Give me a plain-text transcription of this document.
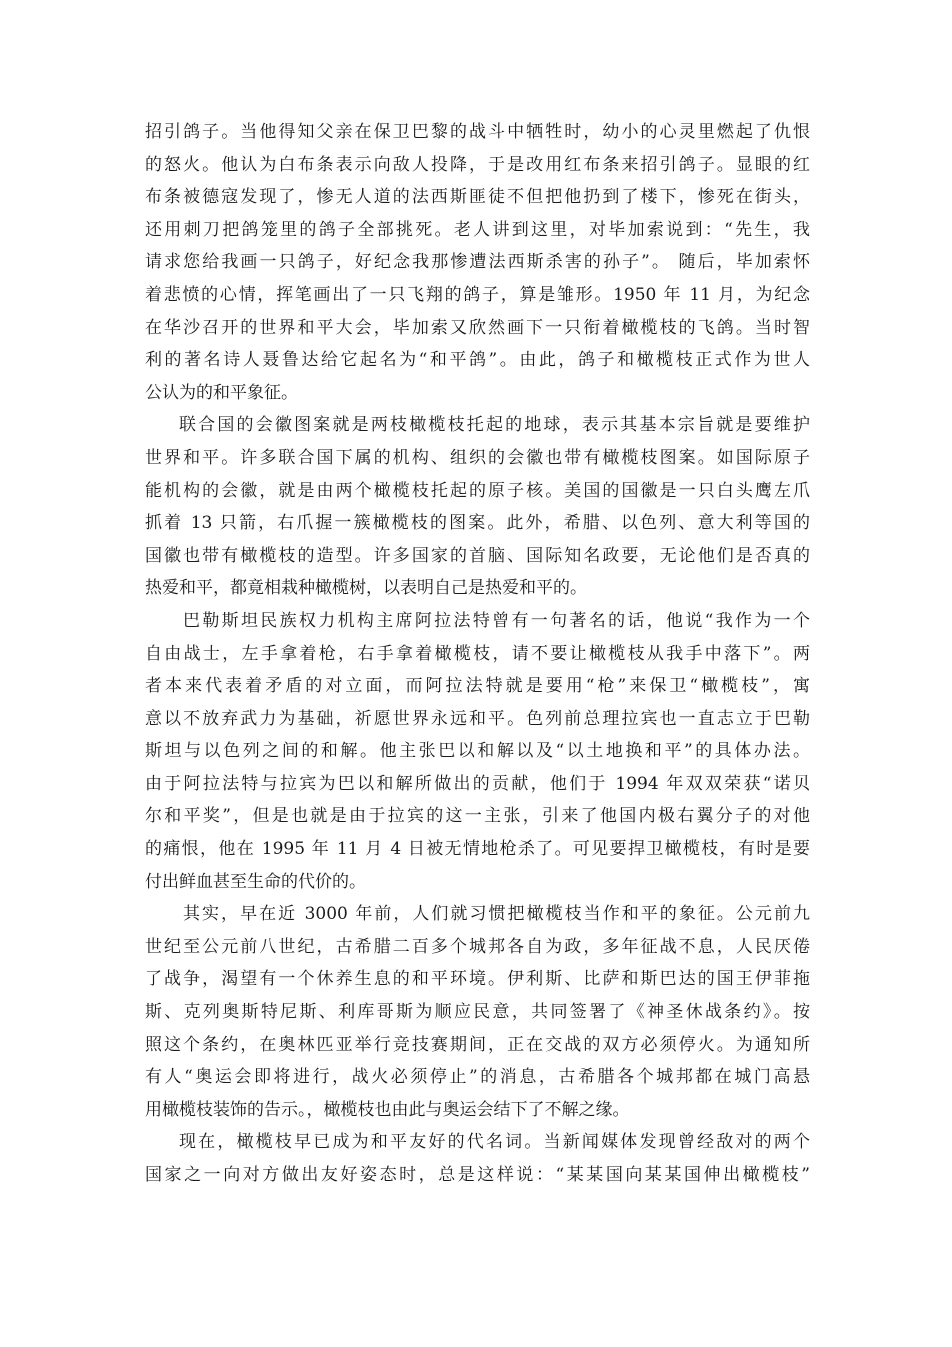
招引鸽子。当他得知父亲在保卫巴黎的战斗中牺牲时，幼小的心灵里燃起了仇恨
的怒火。他认为白布条表示向敌人投降，于是改用红布条来招引鸽子。显眼的红
布条被德寇发现了，惨无人道的法西斯匪徒不但把他扔到了楼下，惨死在街头，
还用刺刀把鸽笼里的鸽子全部挑死。老人讲到这里，对毕加索说到：“先生，我
请求您给我画一只鸽子，好纪念我那惨遭法西斯杀害的孙子”。 随后，毕加索怀
着悲愤的心情，挥笔画出了一只飞翔的鸽子，算是雏形。1950 年 11 月，为纪念
在华沙召开的世界和平大会，毕加索又欣然画下一只衔着橄榄枝的飞鸽。当时智
利的著名诗人聂鲁达给它起名为“和平鸽”。由此，鸽子和橄榄枝正式作为世人
公认为的和平象征。
联合国的会徽图案就是两枝橄榄枝托起的地球，表示其基本宗旨就是要维护
世界和平。许多联合国下属的机构、组织的会徽也带有橄榄枝图案。如国际原子
能机构的会徽，就是由两个橄榄枝托起的原子核。美国的国徽是一只白头鹰左爪
抓着 13 只箭，右爪握一簇橄榄枝的图案。此外，希腊、以色列、意大利等国的
国徽也带有橄榄枝的造型。许多国家的首脑、国际知名政要，无论他们是否真的
热爱和平，都竟相栽种橄榄树，以表明自己是热爱和平的。
巴勒斯坦民族权力机构主席阿拉法特曾有一句著名的话，他说“我作为一个
自由战士，左手拿着枪，右手拿着橄榄枝，请不要让橄榄枝从我手中落下”。两
者本来代表着矛盾的对立面，而阿拉法特就是要用“枪”来保卫“橄榄枝”，寓
意以不放弃武力为基础，祈愿世界永远和平。色列前总理拉宾也一直志立于巴勒
斯坦与以色列之间的和解。他主张巴以和解以及“以土地换和平”的具体办法。
由于阿拉法特与拉宾为巴以和解所做出的贡献，他们于 1994 年双双荣获“诺贝
尔和平奖”，但是也就是由于拉宾的这一主张，引来了他国内极右翼分子的对他
的痛恨，他在 1995 年 11 月 4 日被无情地枪杀了。可见要捍卫橄榄枝，有时是要
付出鲜血甚至生命的代价的。
其实，早在近 3000 年前，人们就习惯把橄榄枝当作和平的象征。公元前九
世纪至公元前八世纪，古希腊二百多个城邦各自为政，多年征战不息，人民厌倦
了战争，渴望有一个休养生息的和平环境。伊利斯、比萨和斯巴达的国王伊菲拖
斯、克列奥斯特尼斯、利库哥斯为顺应民意，共同签署了《神圣休战条约》。按
照这个条约，在奥林匹亚举行竞技赛期间，正在交战的双方必须停火。为通知所
有人“奥运会即将进行，战火必须停止”的消息，古希腊各个城邦都在城门高悬
用橄榄枝装饰的告示。，橄榄枝也由此与奥运会结下了不解之缘。
现在，橄榄枝早已成为和平友好的代名词。当新闻媒体发现曾经敌对的两个
国家之一向对方做出友好姿态时，总是这样说：“某某国向某某国伸出橄榄枝”
